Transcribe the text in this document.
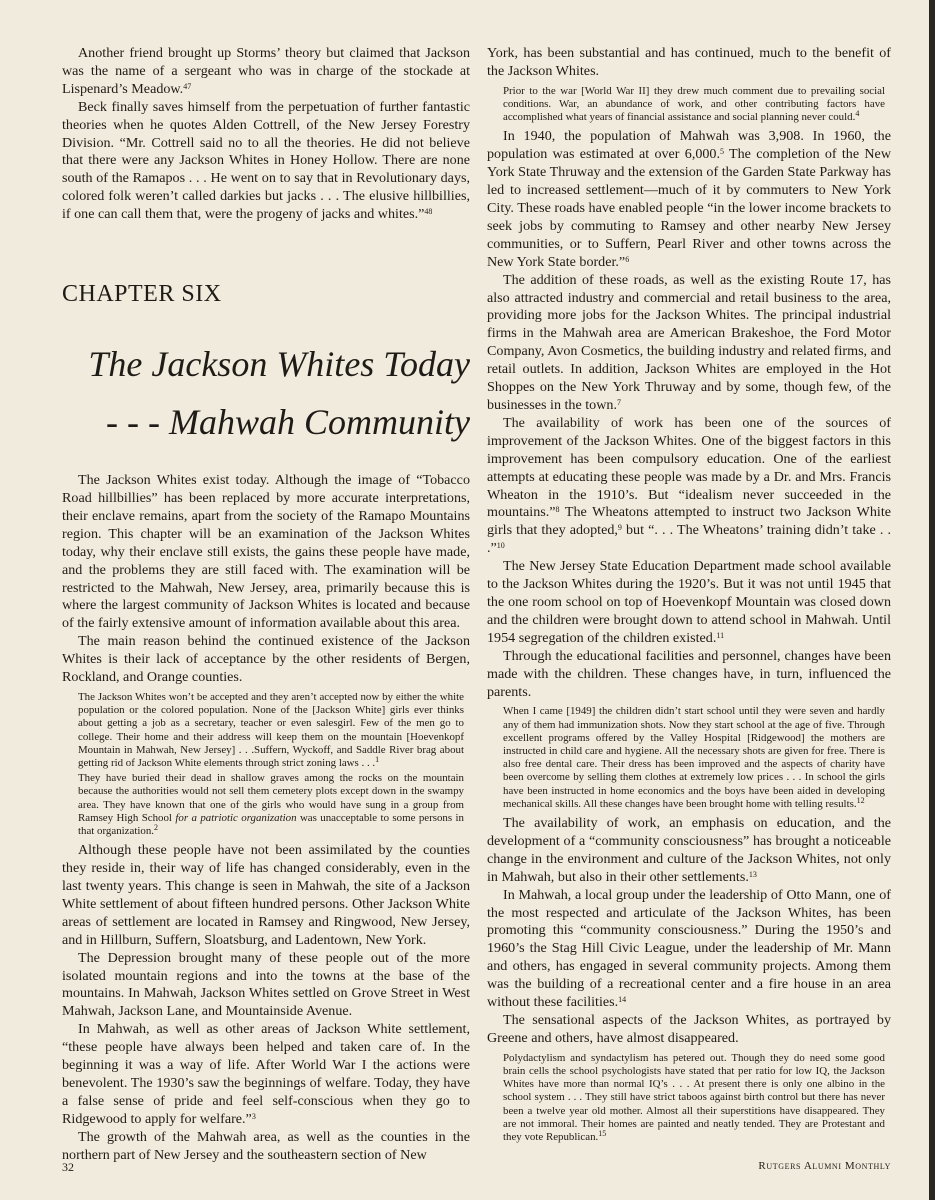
Another friend brought up Storms’ theory but claimed that Jackson was the name of a sergeant who was in charge of the stockade at Lispenard’s Meadow.$^{47}$

Beck finally saves himself from the perpetuation of further fantastic theories when he quotes Alden Cottrell, of the New Jersey Forestry Division. “Mr. Cottrell said no to all the theories. He did not believe that there were any Jackson Whites in Honey Hollow. There are none south of the Ramapos . . . He went on to say that in Revolutionary days, colored folk weren’t called darkies but jacks . . . The elusive hillbillies, if one can call them that, were the progeny of jacks and whites.”$^{48}$

CHAPTER SIX
The Jackson Whites Today
- - - Mahwah Community

The Jackson Whites exist today. Although the image of “Tobacco Road hillbillies” has been replaced by more accurate interpretations, their enclave remains, apart from the society of the Ramapo Mountains region. This chapter will be an examination of the Jackson Whites today, why their enclave still exists, the gains these people have made, and the problems they are still faced with. The examination will be restricted to the Mahwah, New Jersey, area, primarily because this is where the largest community of Jackson Whites is located and because of the fairly extensive amount of information available about this area.

The main reason behind the continued existence of the Jackson Whites is their lack of acceptance by the other residents of Bergen, Rockland, and Orange counties.

The Jackson Whites won’t be accepted and they aren’t accepted now by either the white population or the colored population. None of the [Jackson White] girls ever thinks about getting a job as a secretary, teacher or even salesgirl. Few of the men go to college. Their home and their address will keep them on the mountain [Hoevenkopf Mountain in Mahwah, New Jersey] . . .Suffern, Wyckoff, and Saddle River brag about getting rid of Jackson White elements through strict zoning laws . . .$^1$

They have buried their dead in shallow graves among the rocks on the mountain because the authorities would not sell them cemetery plots except down in the swampy area. They have known that one of the girls who would have sung in a group from Ramsey High School for a patriotic organization was unacceptable to some persons in that organization.$^2$

Although these people have not been assimilated by the counties they reside in, their way of life has changed considerably, even in the last twenty years. This change is seen in Mahwah, the site of a Jackson White settlement of about fifteen hundred persons. Other Jackson White areas of settlement are located in Ramsey and Ringwood, New Jersey, and in Hillburn, Suffern, Sloatsburg, and Ladentown, New York.

The Depression brought many of these people out of the more isolated mountain regions and into the towns at the base of the mountains. In Mahwah, Jackson Whites settled on Grove Street in West Mahwah, Jackson Lane, and Mountainside Avenue.

In Mahwah, as well as other areas of Jackson White settlement, “these people have always been helped and taken care of. In the beginning it was a way of life. After World War I the actions were benevolent. The 1930’s saw the beginnings of welfare. Today, they have a false sense of pride and feel self-conscious when they go to Ridgewood to apply for welfare.”$^3$

The growth of the Mahwah area, as well as the counties in the northern part of New Jersey and the southeastern section of New

York, has been substantial and has continued, much to the benefit of the Jackson Whites.

Prior to the war [World War II] they drew much comment due to prevailing social conditions. War, an abundance of work, and other contributing factors have accomplished what years of financial assistance and social planning never could.$^4$

In 1940, the population of Mahwah was 3,908. In 1960, the population was estimated at over 6,000.$^5$ The completion of the New York State Thruway and the extension of the Garden State Parkway has led to increased settlement—much of it by commuters to New York City. These roads have enabled people “in the lower income brackets to seek jobs by commuting to Ramsey and other nearby New Jersey communities, or to Suffern, Pearl River and other towns across the New York State border.”$^6$

The addition of these roads, as well as the existing Route 17, has also attracted industry and commercial and retail business to the area, providing more jobs for the Jackson Whites. The principal industrial firms in the Mahwah area are American Brakeshoe, the Ford Motor Company, Avon Cosmetics, the building industry and related firms, and retail outlets. In addition, Jackson Whites are employed in the Hot Shoppes on the New York Thruway and by some, though few, of the businesses in the town.$^7$

The availability of work has been one of the sources of improvement of the Jackson Whites. One of the biggest factors in this improvement has been compulsory education. One of the earliest attempts at educating these people was made by a Dr. and Mrs. Francis Wheaton in the 1910’s. But “idealism never succeeded in the mountains.”$^8$ The Wheatons attempted to instruct two Jackson White girls that they adopted,$^9$ but “. . . The Wheatons’ training didn’t take . . .”$^{10}$

The New Jersey State Education Department made school available to the Jackson Whites during the 1920’s. But it was not until 1945 that the one room school on top of Hoevenkopf Mountain was closed down and the children were brought down to attend school in Mahwah. Until 1954 segregation of the children existed.$^{11}$

Through the educational facilities and personnel, changes have been made with the children. These changes have, in turn, influenced the parents.

When I came [1949] the children didn’t start school until they were seven and hardly any of them had immunization shots. Now they start school at the age of five. Through excellent programs offered by the Valley Hospital [Ridgewood] the mothers are instructed in child care and hygiene. All the necessary shots are given for free. There is also free dental care. Their dress has been improved and the aspects of charity have been overcome by selling them clothes at extremely low prices . . . In school the girls have been instructed in home economics and the boys have been aided in developing mechanical skills. All these changes have been brought home with telling results.$^{12}$

The availability of work, an emphasis on education, and the development of a “community consciousness” has brought a noticeable change in the environment and culture of the Jackson Whites, not only in Mahwah, but also in their other settlements.$^{13}$

In Mahwah, a local group under the leadership of Otto Mann, one of the most respected and articulate of the Jackson Whites, has been promoting this “community consciousness.” During the 1950’s and 1960’s the Stag Hill Civic League, under the leadership of Mr. Mann and others, has engaged in several community projects. Among them was the building of a recreational center and a fire house in an area without these facilities.$^{14}$

The sensational aspects of the Jackson Whites, as portrayed by Greene and others, have almost disappeared.

Polydactylism and syndactylism has petered out. Though they do need some good brain cells the school psychologists have stated that per ratio for low IQ, the Jackson Whites have more than normal IQ’s . . . At present there is only one albino in the school system . . . They still have strict taboos against birth control but there has never been a twelve year old mother. Almost all their superstitions have disappeared. They are not immoral. Their homes are painted and neatly tended. They are Protestant and they vote Republican.$^{15}$

32	Rutgers Alumni Monthly
